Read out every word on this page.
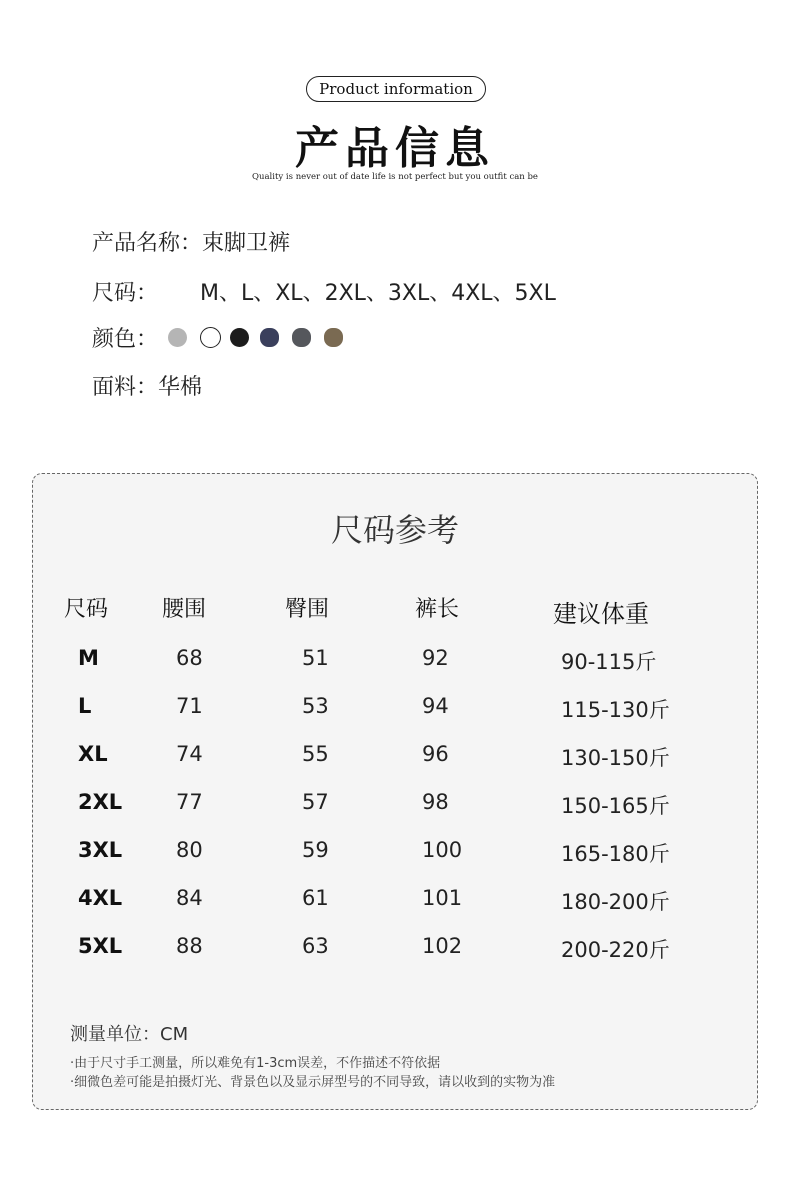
Product information
产品信息
Quality is never out of date life is not perfect but you outfit can be
产品名称：束脚卫裤
尺码： M、L、XL、2XL、3XL、4XL、5XL
颜色：
面料：华棉
尺码参考
尺码 腰围	臀围	裤长	建议体重
M	68	51	92	90-115斤
L	71	53	94	115-130斤
XL	74	55	96	130-150斤
2XL	77	57	98	150-165斤
3XL	80	59	100	165-180斤
4XL	84	61	101	180-200斤
5XL	88	63	102	200-220斤
测量单位：CM
·由于尺寸手工测量，所以难免有1-3cm误差，不作描述不符依据
·细微色差可能是拍摄灯光、背景色以及显示屏型号的不同导致，请以收到的实物为准
